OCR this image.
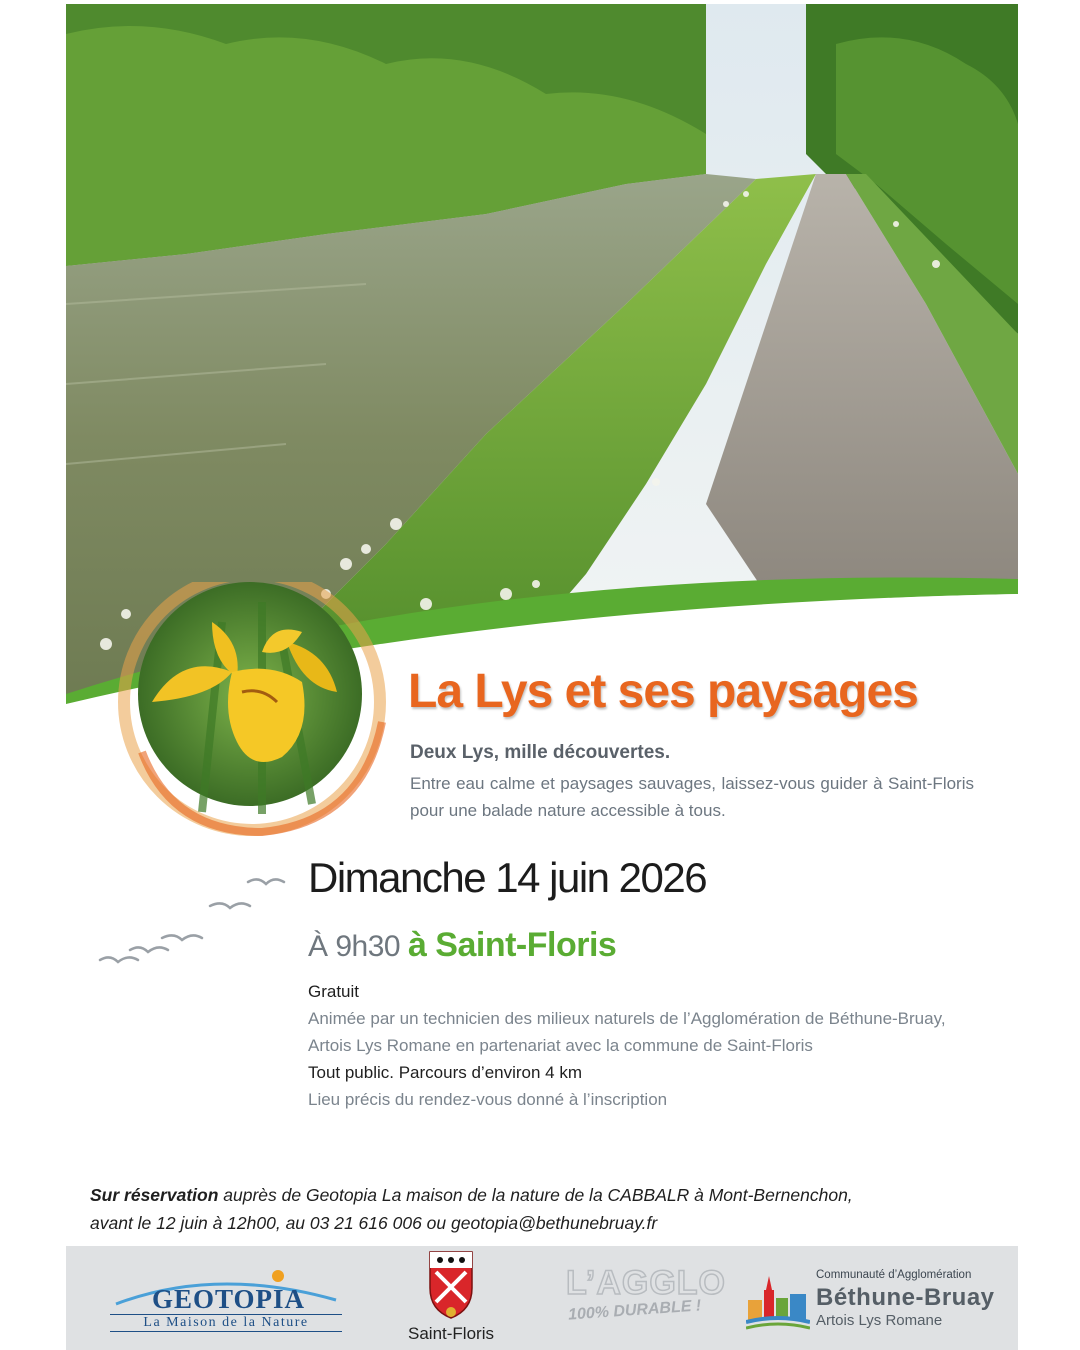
La Lys et ses paysages
Deux Lys, mille découvertes.

Entre eau calme et paysages sauvages, laissez-vous guider à Saint-Floris pour une balade nature accessible à tous.

Dimanche 14 juin 2026
À 9h30 à Saint-Floris
Gratuit
Animée par un technicien des milieux naturels de l’Agglomération de Béthune-Bruay, Artois Lys Romane en partenariat avec la commune de Saint-Floris
Tout public. Parcours d’environ 4 km
Lieu précis du rendez-vous donné à l’inscription
Sur réservation auprès de Geotopia La maison de la nature de la CABBALR à Mont-Bernenchon,
avant le 12 juin à 12h00, au 03 21 616 006 ou geotopia@bethunebruay.fr
GEOTOPIA
La Maison de la Nature
Saint-Floris
L’AGGLO
100% DURABLE !
Communauté d’Agglomération
Béthune-Bruay
Artois Lys Romane
